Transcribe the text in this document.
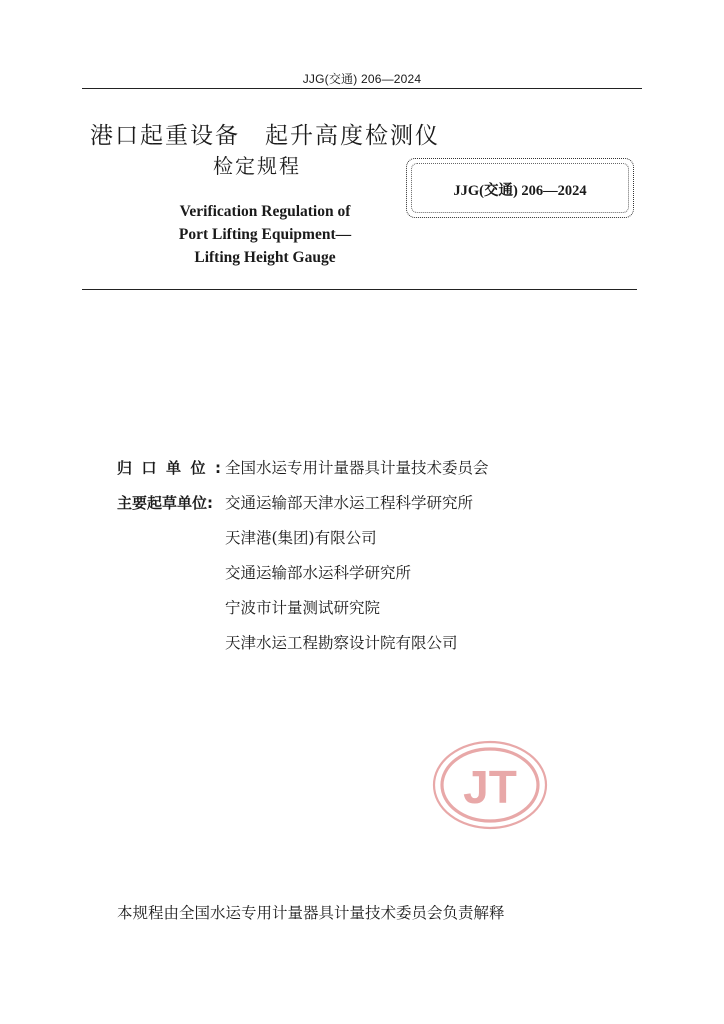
JJG(交通) 206—2024
港口起重设备　起升高度检测仪
检定规程
Verification Regulation of
Port Lifting Equipment—
Lifting Height Gauge
JJG(交通) 206—2024
归口单位:全国水运专用计量器具计量技术委员会
主要起草单位: 交通运输部天津水运工程科学研究所
天津港(集团)有限公司
交通运输部水运科学研究所
宁波市计量测试研究院
天津水运工程勘察设计院有限公司
JT
本规程由全国水运专用计量器具计量技术委员会负责解释
